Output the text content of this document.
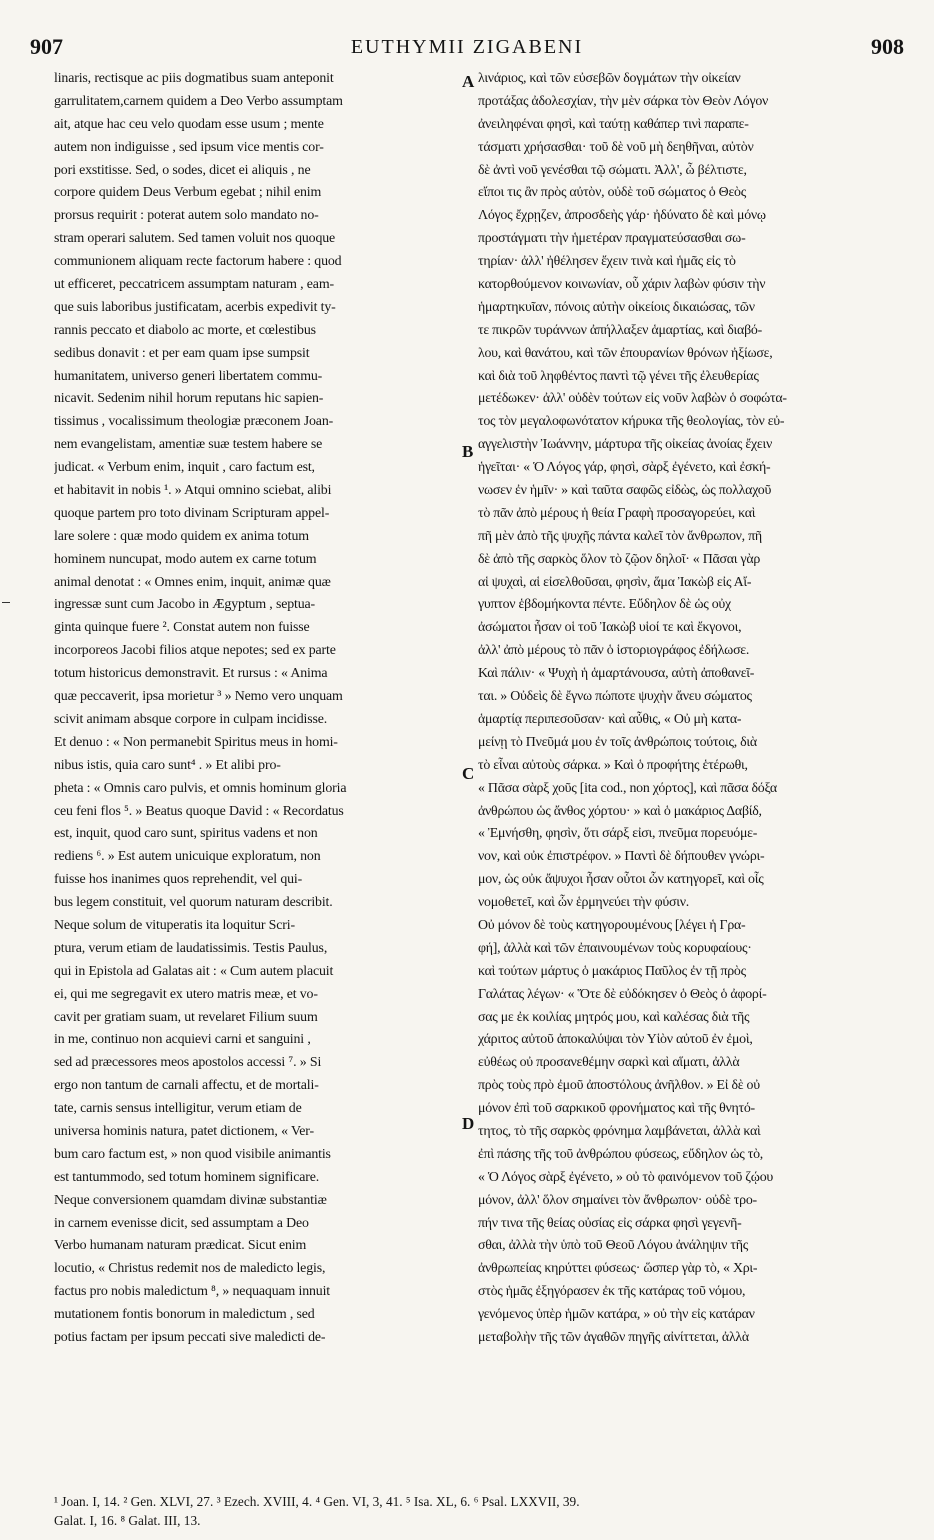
907	EUTHYMII ZIGABENI	908
linaris, rectisque ac piis dogmatibus suam anteponit
garrulitatem,carnem quidem a Deo Verbo assumptam
ait, atque hac ceu velo quodam esse usum ; mente
autem non indiguisse , sed ipsum vice mentis cor-
pori exstitisse. Sed, o sodes, dicet ei aliquis , ne
corpore quidem Deus Verbum egebat ; nihil enim
prorsus requirit : poterat autem solo mandato no-
stram operari salutem. Sed tamen voluit nos quoque
communionem aliquam recte factorum habere : quod
ut efficeret, peccatricem assumptam naturam , eam-
que suis laboribus justificatam, acerbis expedivit ty-
rannis peccato et diabolo ac morte, et cœlestibus
sedibus donavit : et per eam quam ipse sumpsit
humanitatem, universo generi libertatem commu-
nicavit. Sedenim nihil horum reputans hic sapien-
tissimus , vocalissimum theologiæ præconem Joan-
nem evangelistam, amentiæ suæ testem habere se
judicat. « Verbum enim, inquit , caro factum est,
et habitavit in nobis ¹. » Atqui omnino sciebat, alibi
quoque partem pro toto divinam Scripturam appel-
lare solere : quæ modo quidem ex anima totum
hominem nuncupat, modo autem ex carne totum
animal denotat : « Omnes enim, inquit, animæ quæ
ingressæ sunt cum Jacobo in Ægyptum , septua-
ginta quinque fuere ². Constat autem non fuisse
incorporeos Jacobi filios atque nepotes; sed ex parte
totum historicus demonstravit. Et rursus : « Anima
quæ peccaverit, ipsa morietur ³ » Nemo vero unquam
scivit animam absque corpore in culpam incidisse.
Et denuo : « Non permanebit Spiritus meus in homi-
nibus istis, quia caro sunt⁴ . » Et alibi pro-
pheta : « Omnis caro pulvis, et omnis hominum gloria
ceu feni flos ⁵. » Beatus quoque David : « Recordatus
est, inquit, quod caro sunt, spiritus vadens et non
rediens ⁶. » Est autem unicuique exploratum, non
fuisse hos inanimes quos reprehendit, vel qui-
bus legem constituit, vel quorum naturam describit.
Neque solum de vituperatis ita loquitur Scri-
ptura, verum etiam de laudatissimis. Testis Paulus,
qui in Epistola ad Galatas ait : « Cum autem placuit
ei, qui me segregavit ex utero matris meæ, et vo-
cavit per gratiam suam, ut revelaret Filium suum
in me, continuo non acquievi carni et sanguini ,
sed ad præcessores meos apostolos accessi ⁷. » Si
ergo non tantum de carnali affectu, et de mortali-
tate, carnis sensus intelligitur, verum etiam de
universa hominis natura, patet dictionem, « Ver-
bum caro factum est, » non quod visibile animantis
est tantummodo, sed totum hominem significare.
Neque conversionem quamdam divinæ substantiæ
in carnem evenisse dicit, sed assumptam a Deo
Verbo humanam naturam prædicat. Sicut enim
locutio, « Christus redemit nos de maledicto legis,
factus pro nobis maledictum ⁸, » nequaquam innuit
mutationem fontis bonorum in maledictum , sed
potius factam per ipsum peccati sive maledicti de-
λινάριος, καὶ τῶν εὐσεβῶν δογμάτων τὴν οἰκείαν
προτάξας ἀδολεσχίαν, τὴν μὲν σάρκα τὸν Θεὸν Λόγον
ἀνειληφέναι φησὶ, καὶ ταύτῃ καθάπερ τινὶ παραπε-
τάσματι χρήσασθαι· τοῦ δὲ νοῦ μὴ δεηθῆναι, αὐτὸν
δὲ ἀντὶ νοῦ γενέσθαι τῷ σώματι. Ἀλλ', ὦ βέλτιστε,
εἴποι τις ἂν πρὸς αὐτὸν, οὐδὲ τοῦ σώματος ὁ Θεὸς
Λόγος ἔχρῃζεν, ἀπροσδεὴς γάρ· ἠδύνατο δὲ καὶ μόνῳ
προστάγματι τὴν ἡμετέραν πραγματεύσασθαι σω-
τηρίαν· ἀλλ' ἠθέλησεν ἔχειν τινὰ καὶ ἡμᾶς εἰς τὸ
κατορθούμενον κοινωνίαν, οὗ χάριν λαβὼν φύσιν τὴν
ἡμαρτηκυῖαν, πόνοις αὐτὴν οἰκείοις δικαιώσας, τῶν
τε πικρῶν τυράννων ἀπήλλαξεν ἁμαρτίας, καὶ διαβό-
λου, καὶ θανάτου, καὶ τῶν ἐπουρανίων θρόνων ἠξίωσε,
καὶ διὰ τοῦ ληφθέντος παντὶ τῷ γένει τῆς ἐλευθερίας
μετέδωκεν· ἀλλ' οὐδὲν τούτων εἰς νοῦν λαβὼν ὁ σοφώτα-
τος τὸν μεγαλοφωνότατον κήρυκα τῆς θεολογίας, τὸν εὐ-
αγγελιστὴν Ἰωάννην, μάρτυρα τῆς οἰκείας ἀνοίας ἔχειν
ἡγεῖται· « Ὁ Λόγος γάρ, φησὶ, σὰρξ ἐγένετο, καὶ ἐσκή-
νωσεν ἐν ἡμῖν· » καὶ ταῦτα σαφῶς εἰδὼς, ὡς πολλαχοῦ
τὸ πᾶν ἀπὸ μέρους ἡ θεία Γραφὴ προσαγορεύει, καὶ
πῆ μὲν ἀπὸ τῆς ψυχῆς πάντα καλεῖ τὸν ἄνθρωπον, πῆ
δὲ ἀπὸ τῆς σαρκὸς ὅλον τὸ ζῷον δηλοῖ· « Πᾶσαι γὰρ
αἱ ψυχαὶ, αἱ εἰσελθοῦσαι, φησὶν, ἅμα Ἰακὼβ εἰς Αἴ-
γυπτον ἑβδομήκοντα πέντε. Εὔδηλον δὲ ὡς οὐχ
ἀσώματοι ἦσαν οἱ τοῦ Ἰακὼβ υἱοί τε καὶ ἔκγονοι,
ἀλλ' ἀπὸ μέρους τὸ πᾶν ὁ ἱστοριογράφος ἐδήλωσε.
Καὶ πάλιν· « Ψυχὴ ἡ ἁμαρτάνουσα, αὐτὴ ἀποθανεῖ-
ται. » Οὐδεὶς δὲ ἔγνω πώποτε ψυχὴν ἄνευ σώματος
ἁμαρτίᾳ περιπεσοῦσαν· καὶ αὖθις, « Οὐ μὴ κατα-
μείνῃ τὸ Πνεῦμά μου ἐν τοῖς ἀνθρώποις τούτοις, διὰ
τὸ εἶναι αὐτοὺς σάρκα. » Καὶ ὁ προφήτης ἑτέρωθι,
« Πᾶσα σὰρξ χοῦς [ita cod., non χόρτος], καὶ πᾶσα δόξα
ἀνθρώπου ὡς ἄνθος χόρτου· » καὶ ὁ μακάριος Δαβίδ,
« Ἐμνήσθη, φησὶν, ὅτι σάρξ εἰσι, πνεῦμα πορευόμε-
νον, καὶ οὐκ ἐπιστρέφον. » Παντὶ δὲ δήπουθεν γνώρι-
μον, ὡς οὐκ ἄψυχοι ἦσαν οὗτοι ὧν κατηγορεῖ, καὶ οἷς
νομοθετεῖ, καὶ ὧν ἑρμηνεύει τὴν φύσιν.
Οὐ μόνον δὲ τοὺς κατηγορουμένους [λέγει ἡ Γρα-
φή], ἀλλὰ καὶ τῶν ἐπαινουμένων τοὺς κορυφαίους·
καὶ τούτων μάρτυς ὁ μακάριος Παῦλος ἐν τῇ πρὸς
Γαλάτας λέγων· « Ὅτε δὲ εὐδόκησεν ὁ Θεὸς ὁ ἀφορί-
σας με ἐκ κοιλίας μητρός μου, καὶ καλέσας διὰ τῆς
χάριτος αὐτοῦ ἀποκαλύψαι τὸν Υἱὸν αὐτοῦ ἐν ἐμοὶ,
εὐθέως οὐ προσανεθέμην σαρκὶ καὶ αἵματι, ἀλλὰ
πρὸς τοὺς πρὸ ἐμοῦ ἀποστόλους ἀνῆλθον. » Εἰ δὲ οὐ
μόνον ἐπὶ τοῦ σαρκικοῦ φρονήματος καὶ τῆς θνητό-
τητος, τὸ τῆς σαρκὸς φρόνημα λαμβάνεται, ἀλλὰ καὶ
ἐπὶ πάσης τῆς τοῦ ἀνθρώπου φύσεως, εὔδηλον ὡς τὸ,
« Ὁ Λόγος σὰρξ ἐγένετο, » οὐ τὸ φαινόμενον τοῦ ζῴου
μόνον, ἀλλ' ὅλον σημαίνει τὸν ἄνθρωπον· οὐδὲ τρο-
πήν τινα τῆς θείας οὐσίας εἰς σάρκα φησὶ γεγενῆ-
σθαι, ἀλλὰ τὴν ὑπὸ τοῦ Θεοῦ Λόγου ἀνάληψιν τῆς
ἀνθρωπείας κηρύττει φύσεως· ὥσπερ γὰρ τὸ, « Χρι-
στὸς ἡμᾶς ἐξηγόρασεν ἐκ τῆς κατάρας τοῦ νόμου,
γενόμενος ὑπὲρ ἡμῶν κατάρα, » οὐ τὴν εἰς κατάραν
μεταβολὴν τῆς τῶν ἀγαθῶν πηγῆς αἰνίττεται, ἀλλὰ
A
B
C
D
¹ Joan. I, 14. ² Gen. XLVI, 27. ³ Ezech. XVIII, 4. ⁴ Gen. VI, 3, 41. ⁵ Isa. XL, 6. ⁶ Psal. LXXVII, 39.
Galat. I, 16. ⁸ Galat. III, 13.
